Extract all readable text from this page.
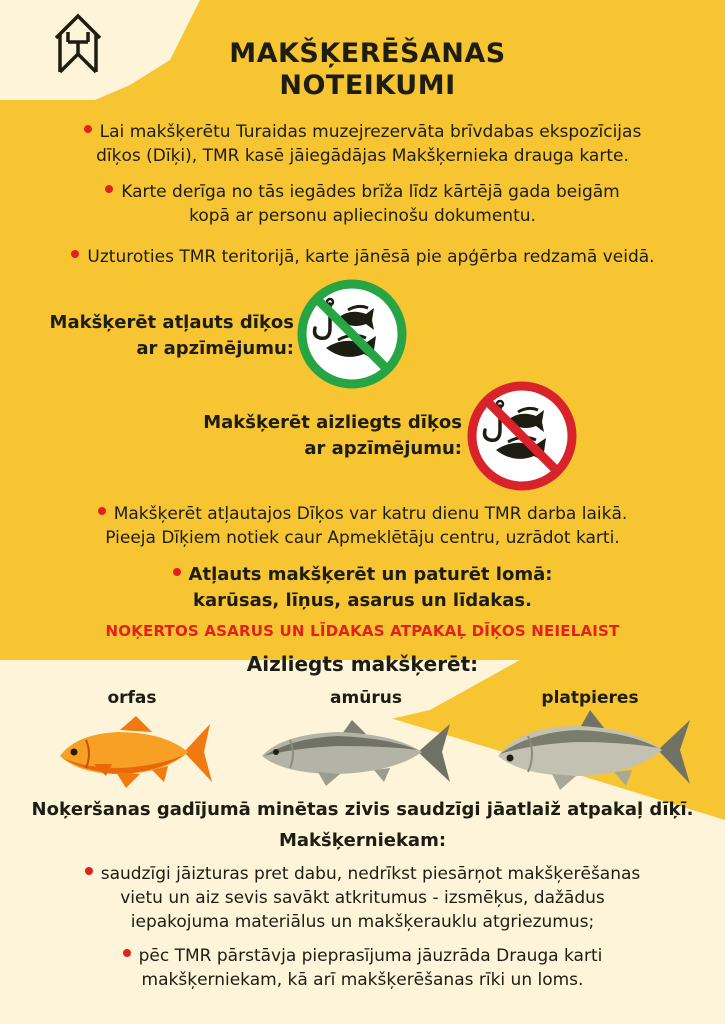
MAKŠĶERĒŠANAS
NOTEIKUMI
Lai makšķerētu Turaidas muzejrezervāta brīvdabas ekspozīcijas
dīķos (Dīķi), TMR kasē jāiegādājas Makšķernieka drauga karte.
Karte derīga no tās iegādes brīža līdz kārtējā gada beigām
kopā ar personu apliecinošu dokumentu.
Uzturoties TMR teritorijā, karte jānēsā pie apģērba redzamā veidā.
Makšķerēt atļauts dīķos
ar apzīmējumu:
Makšķerēt aizliegts dīķos
ar apzīmējumu:
Makšķerēt atļautajos Dīķos var katru dienu TMR darba laikā.
Pieeja Dīķiem notiek caur Apmeklētāju centru, uzrādot karti.
Atļauts makšķerēt un paturēt lomā:
karūsas, līņus, asarus un līdakas.
NOĶERTOS ASARUS UN LĪDAKAS ATPAKAĻ DĪĶOS NEIELAIST
Aizliegts makšķerēt:
orfas	amūrus	platpieres
Noķeršanas gadījumā minētas zivis saudzīgi jāatlaiž atpakaļ dīķī.
Makšķerniekam:
saudzīgi jāizturas pret dabu, nedrīkst piesārņot makšķerēšanas
vietu un aiz sevis savākt atkritumus - izsmēķus, dažādus
iepakojuma materiālus un makšķerauklu atgriezumus;
pēc TMR pārstāvja pieprasījuma jāuzrāda Drauga karti
makšķerniekam, kā arī makšķerēšanas rīki un loms.
